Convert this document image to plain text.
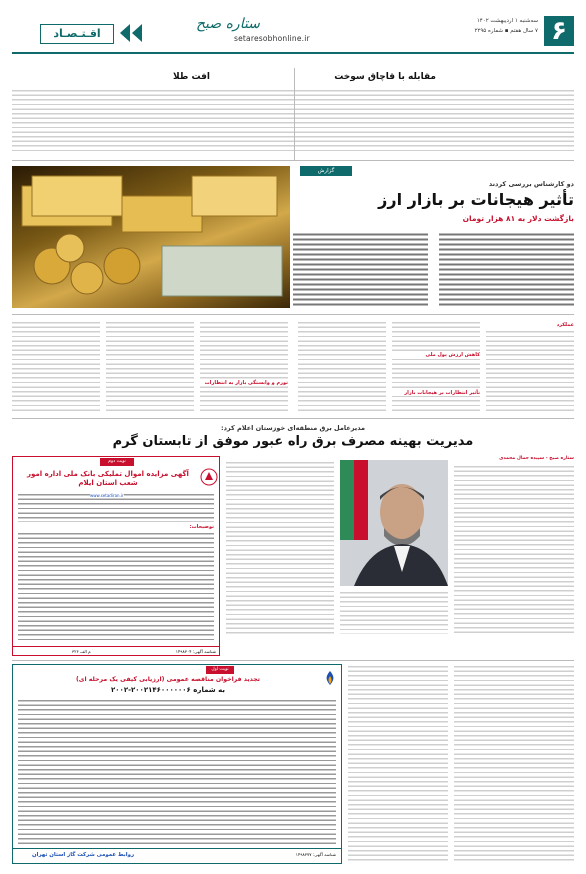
۶
سه‌شنبه ۱ اردیبهشت ۱۴۰۲
۷ سال هفتم ▪ شماره ۲۲۹۵
setaresobhonline.ir
ستاره صبح
اقـتـصـاد
مقابله با قاچاق سوخت

افت طلا
گزارش
دو کارشناس بررسی کردند
تأثیر هیجانات بر بازار ارز
بازگشت دلار به ۸۱ هزار تومان
عملکرد
کاهش ارزش پول ملی
تأثیر انتظارات بر هیجانات بازار
تورم و وابستگی بازار به انتظارات
مدیرعامل برق منطقه‌ای خوزستان اعلام کرد:
مدیریت بهینه مصرف برق راه عبور موفق از تابستان گرم
ستاره صبح - سپیده جمال‌ محمدی
نوبت دوم
آگهی مزایده اموال تملیکی بانک ملی اداره امور شعب استان ایلام
www.setadiran.ir
توضیحات:
شناسه آگهی: ۱۴۹۸۳۰۴
م الف ۳۲۶
نوبت اول
تجدید فراخوان مناقصه عمومی (ارزیابی کیفی یک مرحله ای)
به شماره ۲۰۰۲۱۴۶۰۰۰۰۰۰۶-۲۰۰۲
روابط عمومی شرکت گاز استان تهران	شناسه آگهی: ۱۴۹۸۳۷۷
